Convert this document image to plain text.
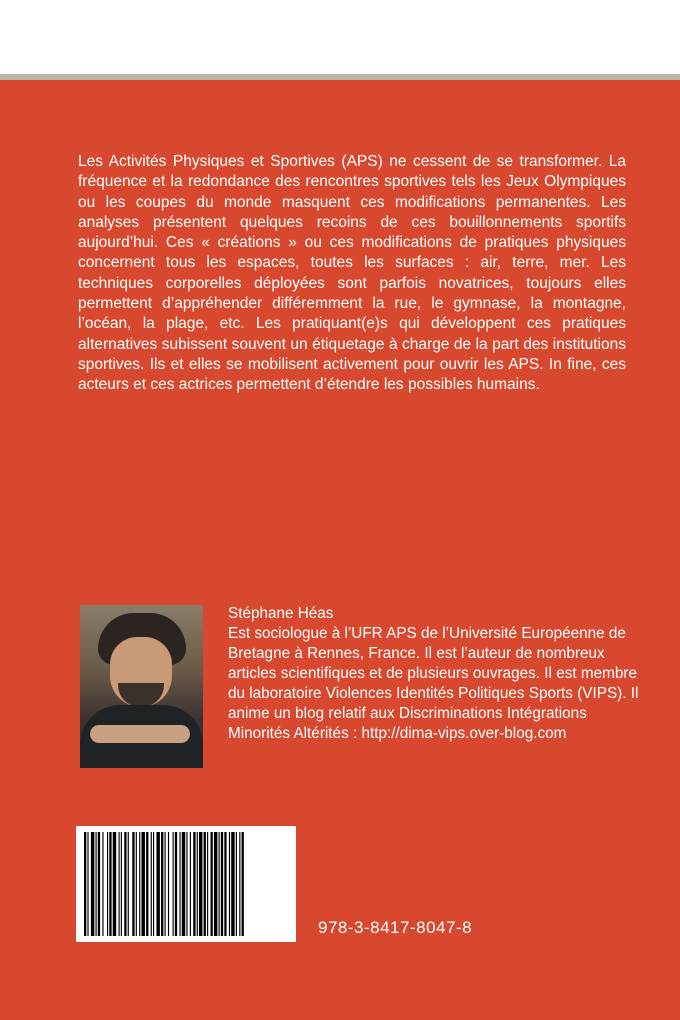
Les Activités Physiques et Sportives (APS) ne cessent de se transformer. La fréquence et la redondance des rencontres sportives tels les Jeux Olympiques ou les coupes du monde masquent ces modifications permanentes. Les analyses présentent quelques recoins de ces bouillonnements sportifs aujourd’hui. Ces « créations » ou ces modifications de pratiques physiques concernent tous les espaces, toutes les surfaces : air, terre, mer. Les techniques corporelles déployées sont parfois novatrices, toujours elles permettent d’appréhender différemment la rue, le gymnase, la montagne, l’océan, la plage, etc. Les pratiquant(e)s qui développent ces pratiques alternatives subissent souvent un étiquetage à charge de la part des institutions sportives. Ils et elles se mobilisent activement pour ouvrir les APS. In fine, ces acteurs et ces actrices permettent d’étendre les possibles humains.

Stéphane Héas

Est sociologue à l’UFR APS de l’Université Européenne de Bretagne à Rennes, France. Il est l’auteur de nombreux articles scientifiques et de plusieurs ouvrages. Il est membre du laboratoire Violences Identités Politiques Sports (VIPS). Il anime un blog relatif aux Discriminations Intégrations Minorités Altérités : http://dima-vips.over-blog.com

978-3-8417-8047-8
